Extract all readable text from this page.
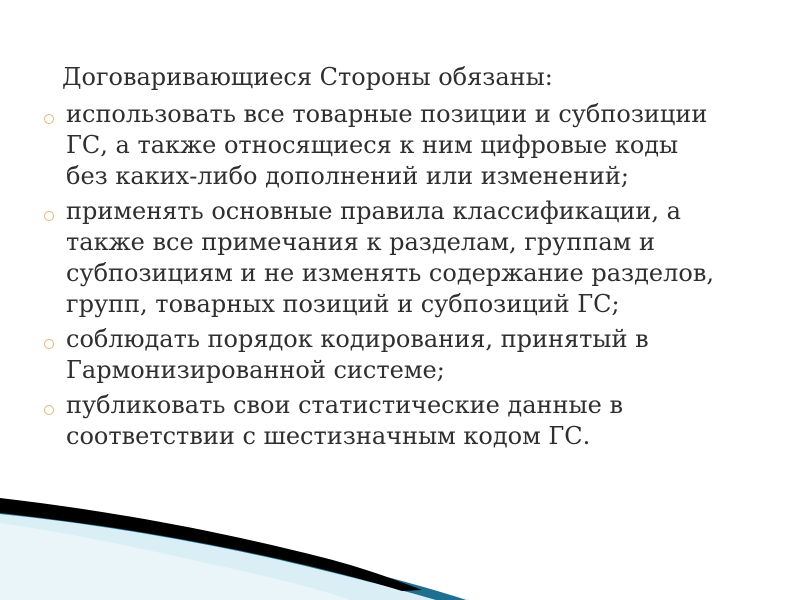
Договаривающиеся Стороны обязаны:
использовать все товарные позиции и субпозиции ГС, а также относящиеся к ним цифровые коды без каких-либо дополнений или изменений;
применять основные правила классификации, а также все примечания к разделам, группам и субпозициям и не изменять содержание разделов, групп, товарных позиций и субпозиций ГС;
соблюдать порядок кодирования, принятый в Гармонизированной системе;
публиковать свои статистические данные в соответствии с шестизначным кодом ГС.
